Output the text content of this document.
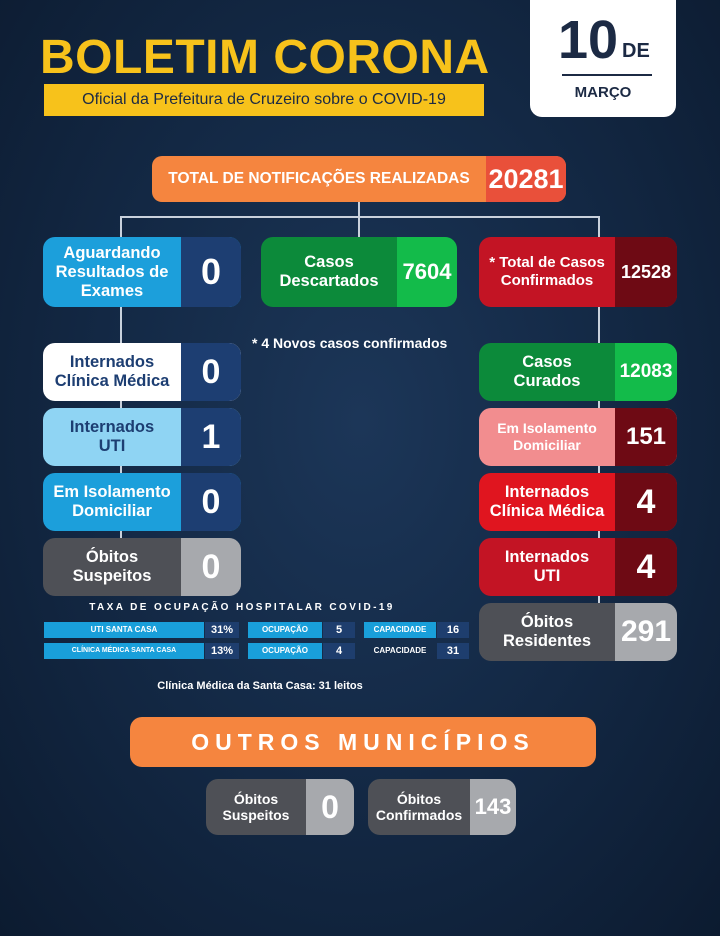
BOLETIM CORONA
Oficial da Prefeitura de Cruzeiro sobre o COVID-19
10 DE
MARÇO
TOTAL DE NOTIFICAÇÕES REALIZADAS 20281
Aguardando Resultados de Exames	0	Casos Descartados	7604	* Total de Casos Confirmados	12528
* 4 Novos casos confirmados
Internados Clínica Médica 0
Internados UTI	1
Em Isolamento Domiciliar	0
Óbitos Suspeitos	0
Casos Curados	12083
Em Isolamento Domiciliar	151
Internados Clínica Médica 4
Internados UTI	4
Óbitos Residentes 291
TAXA DE OCUPAÇÃO HOSPITALAR COVID-19
UTI SANTA CASA	31%	OCUPAÇÃO	5	CAPACIDADE	16
CLÍNICA MÉDICA SANTA CASA	13%	OCUPAÇÃO	4	CAPACIDADE	31
Clínica Médica da Santa Casa: 31 leitos
OUTROS MUNICÍPIOS
Óbitos Suspeitos 0	Óbitos Confirmados 143
